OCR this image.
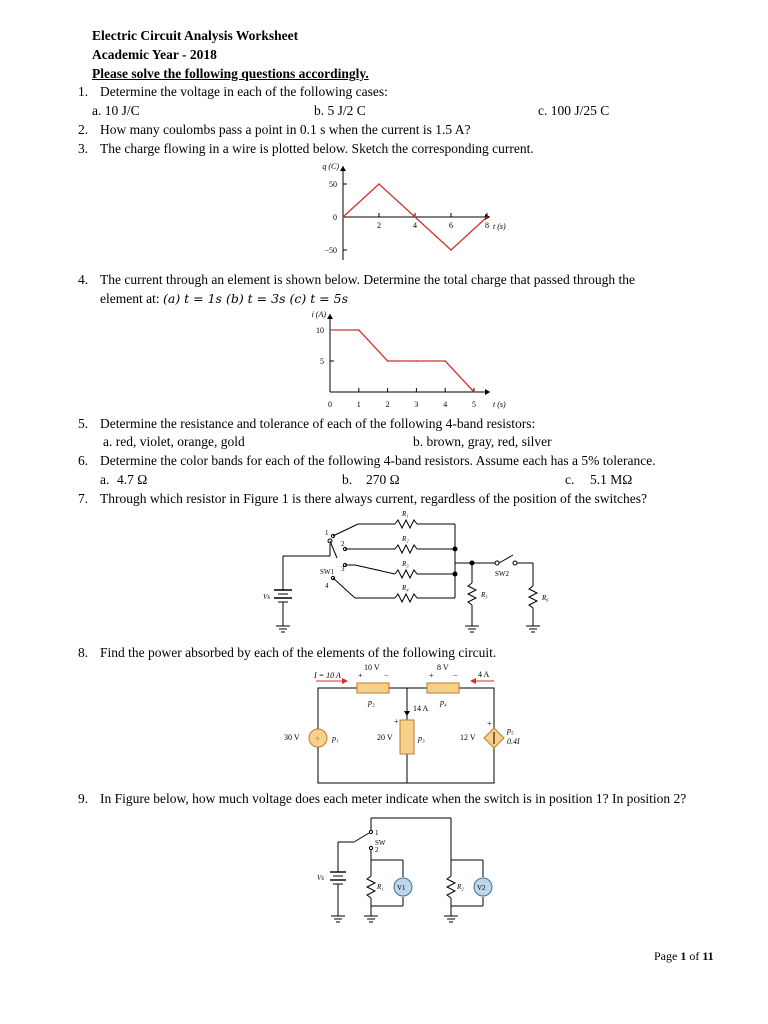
Electric Circuit Analysis Worksheet
Academic Year - 2018
Please solve the following questions accordingly.
1. Determine the voltage in each of the following cases:
a. 10 J/C	b. 5 J/2 C	c. 100 J/25 C
2. How many coulombs pass a point in 0.1 s when the current is 1.5 A?
3. The charge flowing in a wire is plotted below. Sketch the corresponding current.
q (C)
t (s)
50
0
−50
2	4	6	8
4. The current through an element is shown below. Determine the total charge that passed through the
element at: (a) t = 1s (b) t = 3s (c) t = 5s
i (A)
t (s)
10
5
0	1	2	3	4	5
5. Determine the resistance and tolerance of each of the following 4-band resistors:
a. red, violet, orange, gold	b. brown, gray, red, silver
6. Determine the color bands for each of the following 4-band resistors. Assume each has a 5% tolerance.
a. 4.7 Ω	b. 270 Ω	c. 5.1 MΩ
7. Through which resistor in Figure 1 is there always current, regardless of the position of the switches?
R₁
R₂
R₃
R₄
R₅	R₆
SW1	SW2
Vs
1
2
3
4
8. Find the power absorbed by each of the elements of the following circuit.
I = 10 A
10 V	8 V
4 A
14 A
30 V	20 V	12 V
p₁
p₂
p₃
p₄
p₅
0.4I
+	−	+ −
+	+
+
9. In Figure below, how much voltage does each meter indicate when the switch is in position 1? In position 2?
SW
1
2
Vs
R₁	R₂
V1	V2
Page 1 of 11
